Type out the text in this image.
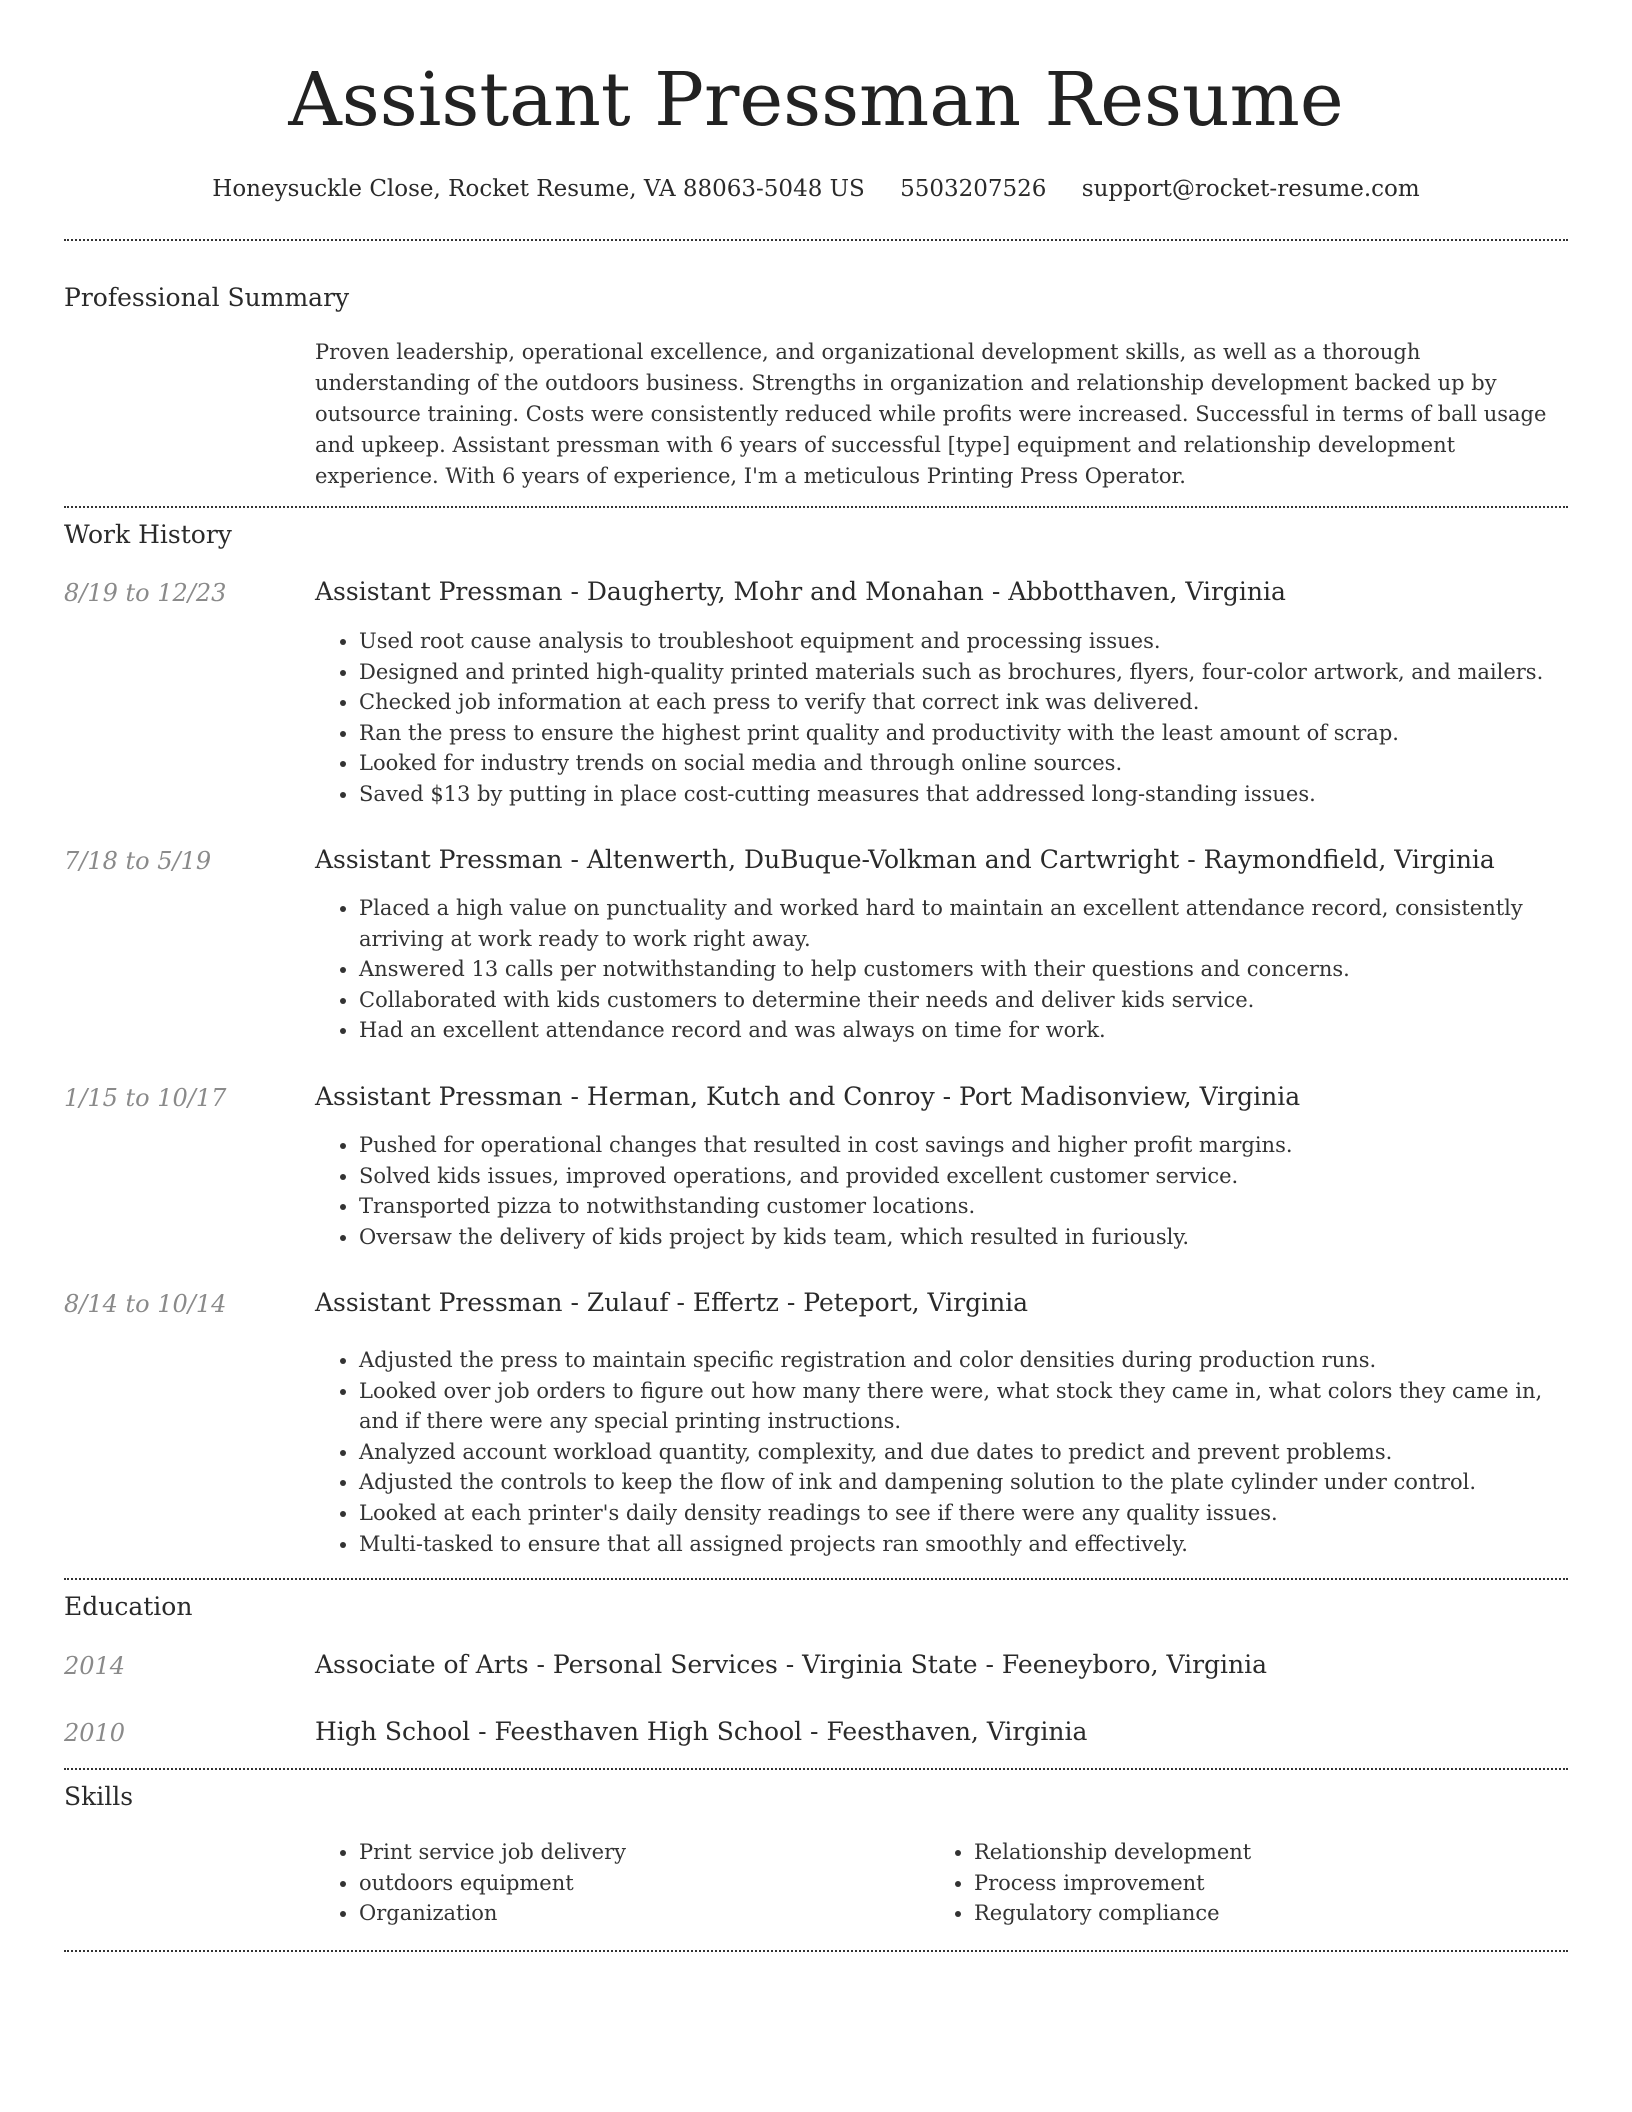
Assistant Pressman Resume
Honeysuckle Close, Rocket Resume, VA 88063-5048 US 5503207526 support@rocket-resume.com
Professional Summary
Proven leadership, operational excellence, and organizational development skills, as well as a thorough understanding of the outdoors business. Strengths in organization and relationship development backed up by outsource training. Costs were consistently reduced while profits were increased. Successful in terms of ball usage and upkeep. Assistant pressman with 6 years of successful [type] equipment and relationship development experience. With 6 years of experience, I'm a meticulous Printing Press Operator.
Work History
8/19 to 12/23	Assistant Pressman - Daugherty, Mohr and Monahan - Abbotthaven, Virginia
• Used root cause analysis to troubleshoot equipment and processing issues.
• Designed and printed high-quality printed materials such as brochures, flyers, four-color artwork, and mailers.
• Checked job information at each press to verify that correct ink was delivered.
• Ran the press to ensure the highest print quality and productivity with the least amount of scrap.
• Looked for industry trends on social media and through online sources.
• Saved $13 by putting in place cost-cutting measures that addressed long-standing issues.
7/18 to 5/19	Assistant Pressman - Altenwerth, DuBuque-Volkman and Cartwright - Raymondfield, Virginia
• Placed a high value on punctuality and worked hard to maintain an excellent attendance record, consistently arriving at work ready to work right away.
• Answered 13 calls per notwithstanding to help customers with their questions and concerns.
• Collaborated with kids customers to determine their needs and deliver kids service.
• Had an excellent attendance record and was always on time for work.
1/15 to 10/17	Assistant Pressman - Herman, Kutch and Conroy - Port Madisonview, Virginia
• Pushed for operational changes that resulted in cost savings and higher profit margins.
• Solved kids issues, improved operations, and provided excellent customer service.
• Transported pizza to notwithstanding customer locations.
• Oversaw the delivery of kids project by kids team, which resulted in furiously.
8/14 to 10/14	Assistant Pressman - Zulauf - Effertz - Peteport, Virginia
• Adjusted the press to maintain specific registration and color densities during production runs.
• Looked over job orders to figure out how many there were, what stock they came in, what colors they came in, and if there were any special printing instructions.
• Analyzed account workload quantity, complexity, and due dates to predict and prevent problems.
• Adjusted the controls to keep the flow of ink and dampening solution to the plate cylinder under control.
• Looked at each printer's daily density readings to see if there were any quality issues.
• Multi-tasked to ensure that all assigned projects ran smoothly and effectively.
Education
2014	Associate of Arts - Personal Services - Virginia State - Feeneyboro, Virginia
2010	High School - Feesthaven High School - Feesthaven, Virginia
Skills
• Print service job delivery
• outdoors equipment
• Organization
• Relationship development
• Process improvement
• Regulatory compliance
